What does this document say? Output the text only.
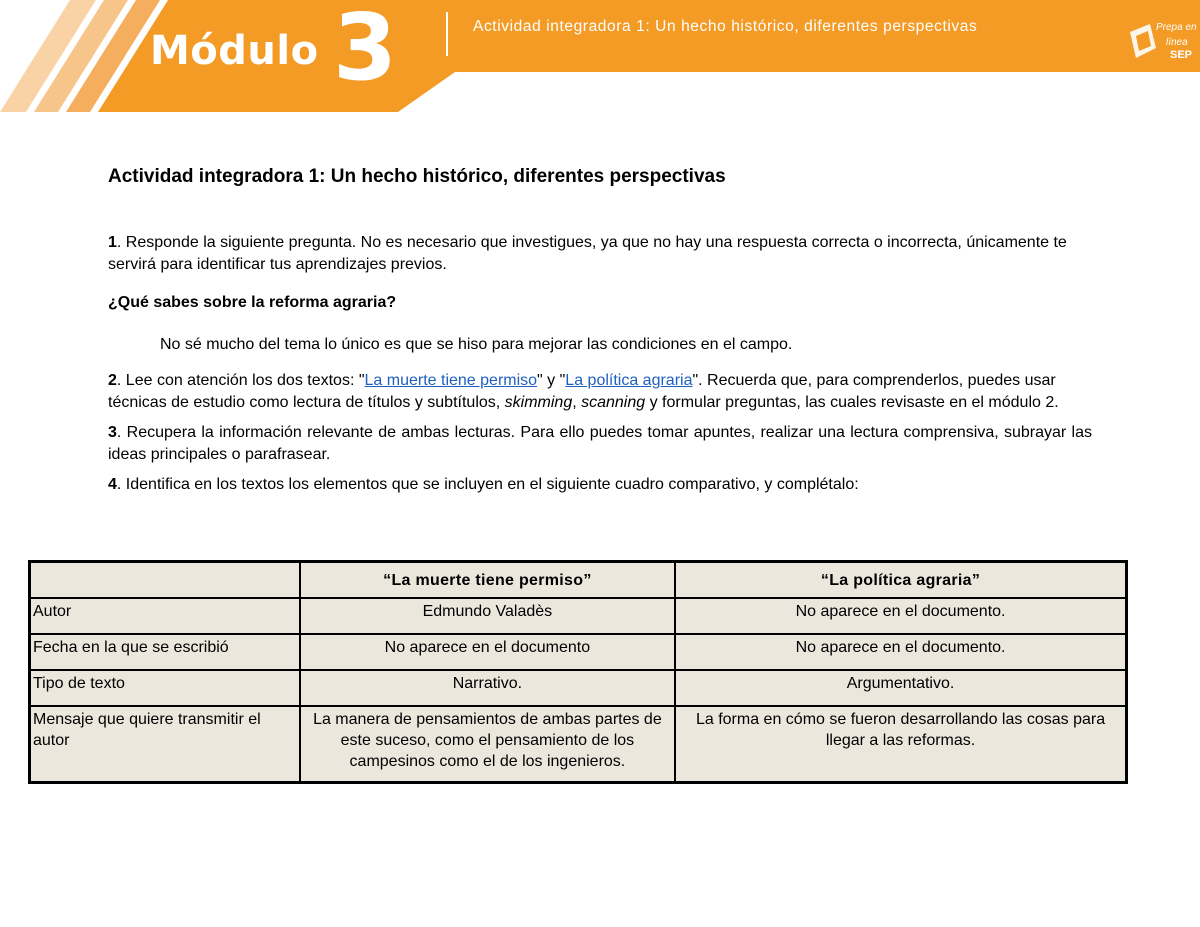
Módulo 3	Actividad integradora 1: Un hecho histórico, diferentes perspectivas	Prepa en
línea
SEP
Actividad integradora 1: Un hecho histórico, diferentes perspectivas

1. Responde la siguiente pregunta. No es necesario que investigues, ya que no hay una respuesta correcta o incorrecta, únicamente te servirá para identificar tus aprendizajes previos.

¿Qué sabes sobre la reforma agraria?

No sé mucho del tema lo único es que se hiso para mejorar las condiciones en el campo.

2. Lee con atención los dos textos: "La muerte tiene permiso" y "La política agraria". Recuerda que, para comprenderlos, puedes usar técnicas de estudio como lectura de títulos y subtítulos, skimming, scanning y formular preguntas, las cuales revisaste en el módulo 2.

3. Recupera la información relevante de ambas lecturas. Para ello puedes tomar apuntes, realizar una lectura comprensiva, subrayar las ideas principales o parafrasear.

4. Identifica en los textos los elementos que se incluyen en el siguiente cuadro comparativo, y complétalo:

	“La muerte tiene permiso”	“La política agraria”
Autor	Edmundo Valadès	No aparece en el documento.
Fecha en la que se escribió	No aparece en el documento	No aparece en el documento.
Tipo de texto	Narrativo.	Argumentativo.
Mensaje que quiere transmitir el autor	La manera de pensamientos de ambas partes de este suceso, como el pensamiento de los campesinos como el de los ingenieros.	La forma en cómo se fueron desarrollando las cosas para llegar a las reformas.
